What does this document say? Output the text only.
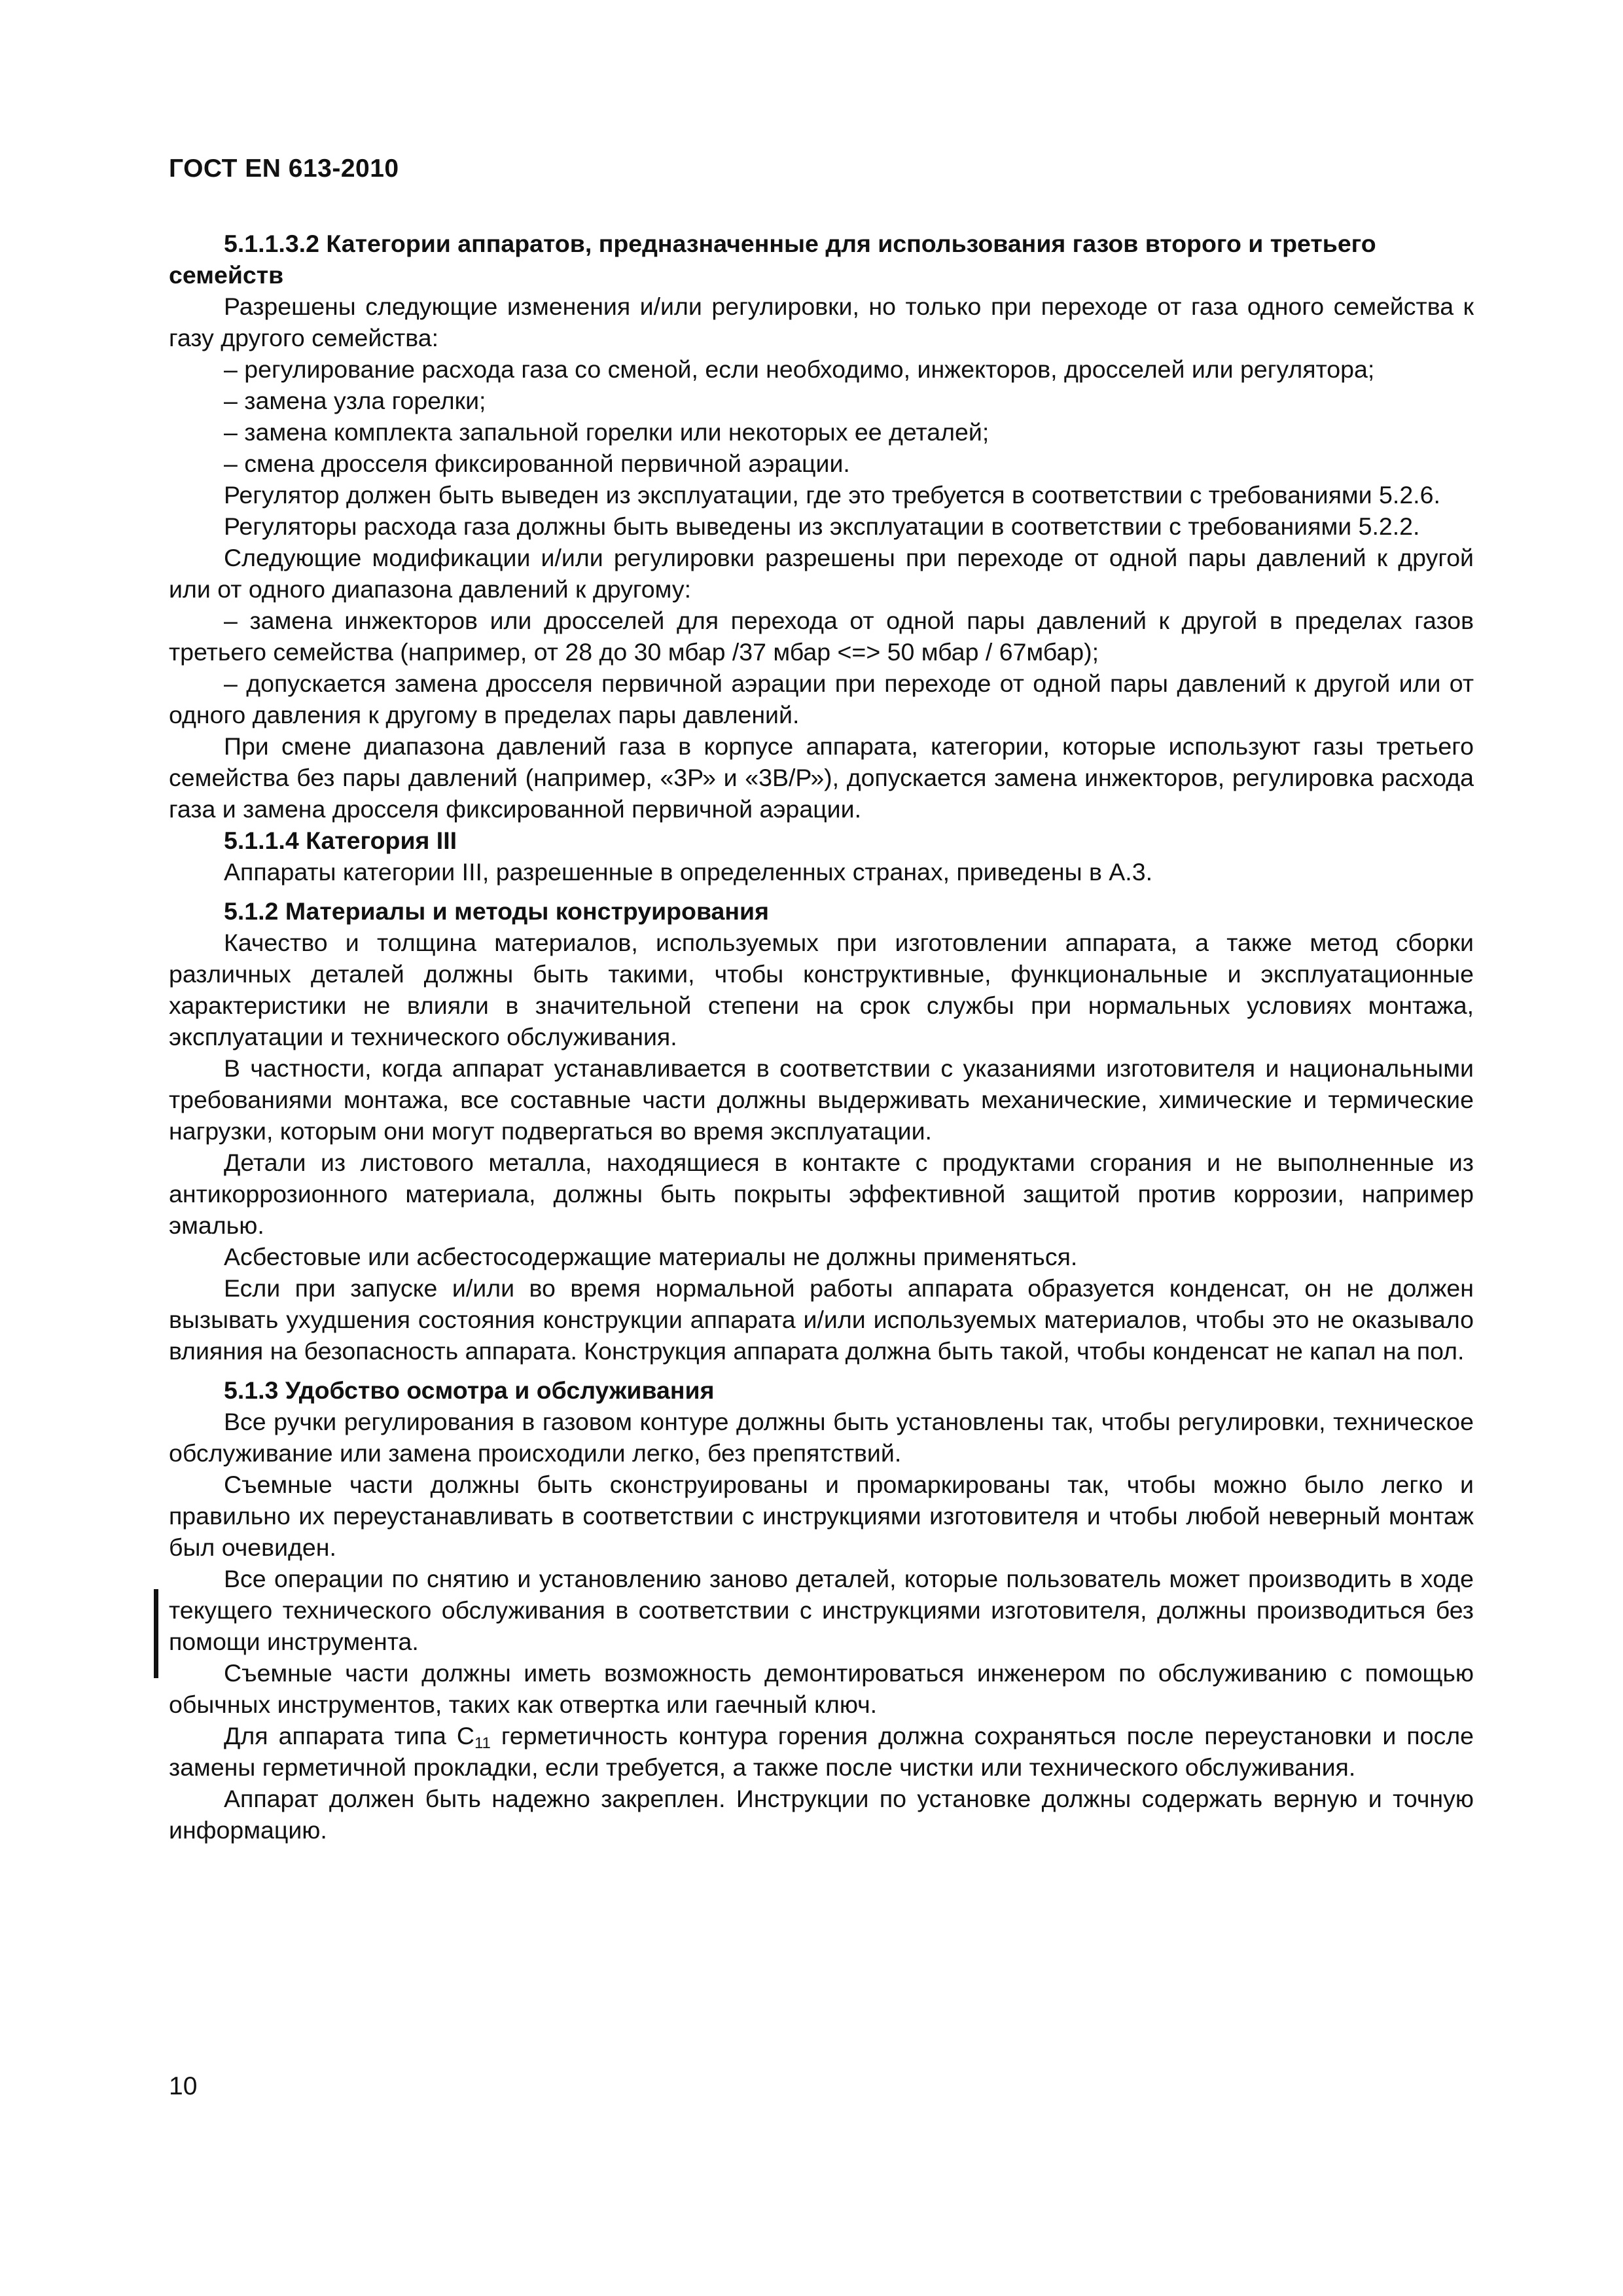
ГОСТ EN 613-2010
5.1.1.3.2 Категории аппаратов, предназначенные для использования газов второго и третьего семейств
Разрешены следующие изменения и/или регулировки, но только при переходе от газа одного семейства к газу другого семейства:
– регулирование расхода газа со сменой, если необходимо, инжекторов, дросселей или регулятора;
– замена узла горелки;
– замена комплекта запальной горелки или некоторых ее деталей;
– смена дросселя фиксированной первичной аэрации.
Регулятор должен быть выведен из эксплуатации, где это требуется в соответствии с требованиями 5.2.6.
Регуляторы расхода газа должны быть выведены из эксплуатации в соответствии с требованиями 5.2.2.
Следующие модификации и/или регулировки разрешены при переходе от одной пары давлений к другой или от одного диапазона давлений к другому:
– замена инжекторов или дросселей для перехода от одной пары давлений к другой в пределах газов третьего семейства (например, от 28 до 30 мбар /37 мбар <=> 50 мбар / 67мбар);
– допускается замена дросселя первичной аэрации при переходе от одной пары давлений к другой или от одного давления к другому в пределах пары давлений.
При смене диапазона давлений газа в корпусе аппарата, категории, которые используют газы третьего семейства без пары давлений (например, «3Р» и «3В/Р»), допускается замена инжекторов, регулировка расхода газа и замена дросселя фиксированной первичной аэрации.
5.1.1.4 Категория III
Аппараты категории III, разрешенные в определенных странах, приведены в А.3.
5.1.2 Материалы и методы конструирования
Качество и толщина материалов, используемых при изготовлении аппарата, а также метод сборки различных деталей должны быть такими, чтобы конструктивные, функциональные и эксплуатационные характеристики не влияли в значительной степени на срок службы при нормальных условиях монтажа, эксплуатации и технического обслуживания.
В частности, когда аппарат устанавливается в соответствии с указаниями изготовителя и национальными требованиями монтажа, все составные части должны выдерживать механические, химические и термические нагрузки, которым они могут подвергаться во время эксплуатации.
Детали из листового металла, находящиеся в контакте с продуктами сгорания и не выполненные из антикоррозионного материала, должны быть покрыты эффективной защитой против коррозии, например эмалью.
Асбестовые или асбестосодержащие материалы не должны применяться.
Если при запуске и/или во время нормальной работы аппарата образуется конденсат, он не должен вызывать ухудшения состояния конструкции аппарата и/или используемых материалов, чтобы это не оказывало влияния на безопасность аппарата. Конструкция аппарата должна быть такой, чтобы конденсат не капал на пол.
5.1.3 Удобство осмотра и обслуживания
Все ручки регулирования в газовом контуре должны быть установлены так, чтобы регулировки, техническое обслуживание или замена происходили легко, без препятствий.
Съемные части должны быть сконструированы и промаркированы так, чтобы можно было легко и правильно их переустанавливать в соответствии с инструкциями изготовителя и чтобы любой неверный монтаж был очевиден.
Все операции по снятию и установлению заново деталей, которые пользователь может производить в ходе текущего технического обслуживания в соответствии с инструкциями изготовителя, должны производиться без помощи инструмента.
Съемные части должны иметь возможность демонтироваться инженером по обслуживанию с помощью обычных инструментов, таких как отвертка или гаечный ключ.
Для аппарата типа $С_{11}$ герметичность контура горения должна сохраняться после переустановки и после замены герметичной прокладки, если требуется, а также после чистки или технического обслуживания.
Аппарат должен быть надежно закреплен. Инструкции по установке должны содержать верную и точную информацию.
10
